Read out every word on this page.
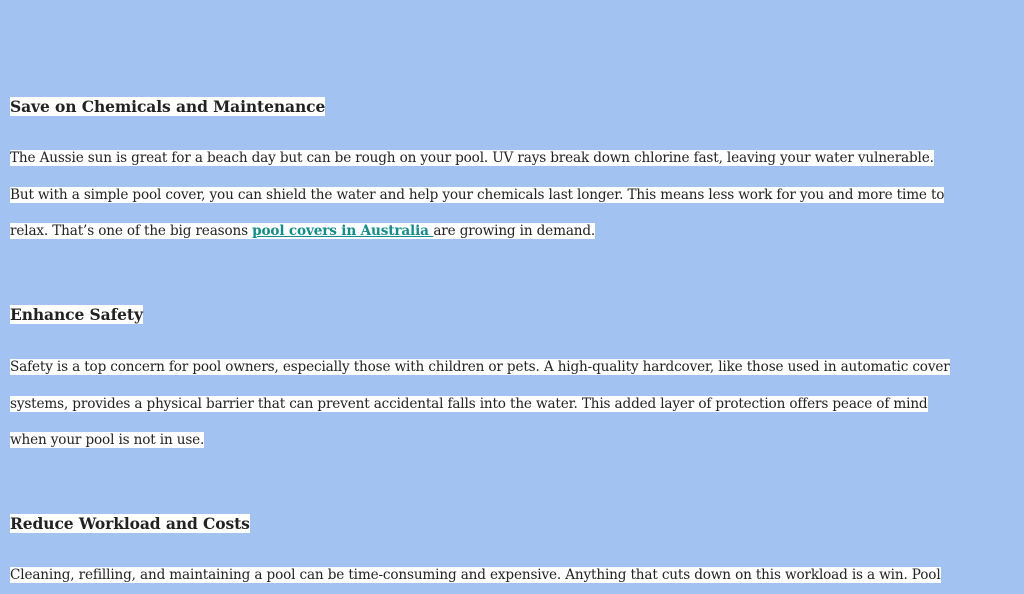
Save on Chemicals and Maintenance

The Aussie sun is great for a beach day but can be rough on your pool. UV rays break down chlorine fast, leaving your water vulnerable. But with a simple pool cover, you can shield the water and help your chemicals last longer. This means less work for you and more time to relax. That’s one of the big reasons pool covers in Australia are growing in demand.

Enhance Safety

Safety is a top concern for pool owners, especially those with children or pets. A high-quality hardcover, like those used in automatic cover systems, provides a physical barrier that can prevent accidental falls into the water. This added layer of protection offers peace of mind when your pool is not in use.

Reduce Workload and Costs

Cleaning, refilling, and maintaining a pool can be time-consuming and expensive. Anything that cuts down on this workload is a win. Pool
